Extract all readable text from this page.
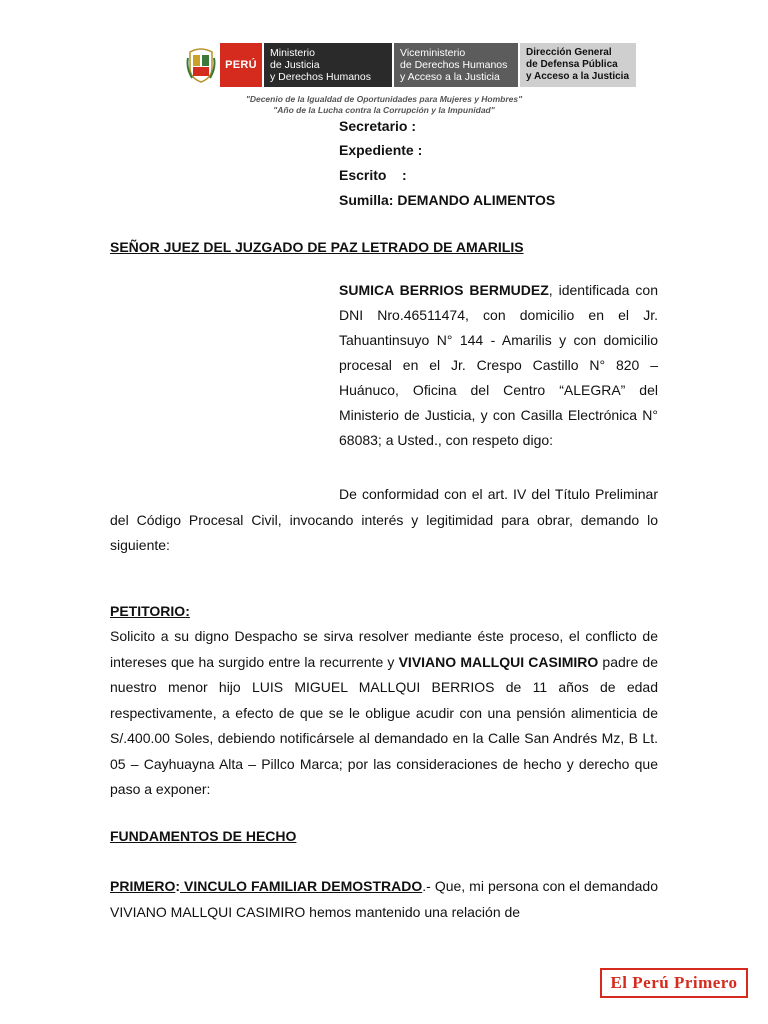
PERÚ
Ministerio
de Justicia
y Derechos Humanos
Viceministerio
de Derechos Humanos
y Acceso a la Justicia
Dirección General
de Defensa Pública
y Acceso a la Justicia
"Decenio de la Igualdad de Oportunidades para Mujeres y Hombres"
"Año de la Lucha contra la Corrupción y la Impunidad"
Secretario :
Expediente :
Escrito    :
Sumilla: DEMANDO ALIMENTOS
SEÑOR JUEZ DEL JUZGADO DE PAZ LETRADO DE AMARILIS
SUMICA BERRIOS BERMUDEZ, identificada con DNI Nro.46511474, con domicilio en el Jr. Tahuantinsuyo N° 144 - Amarilis y con domicilio procesal en el Jr. Crespo Castillo N° 820 – Huánuco, Oficina del Centro “ALEGRA” del Ministerio de Justicia, y con Casilla Electrónica N° 68083; a Usted., con respeto digo:
De conformidad con el art. IV del Título Preliminar del Código Procesal Civil, invocando interés y legitimidad para obrar, demando lo siguiente:
PETITORIO:
Solicito a su digno Despacho se sirva resolver mediante éste proceso, el conflicto de intereses que ha surgido entre la recurrente y VIVIANO MALLQUI CASIMIRO padre de nuestro menor hijo LUIS MIGUEL MALLQUI BERRIOS de 11 años de edad respectivamente, a efecto de que se le obligue acudir con una pensión alimenticia de S/.400.00 Soles, debiendo notificársele al demandado en la Calle San Andrés Mz, B Lt. 05 – Cayhuayna Alta – Pillco Marca; por las consideraciones de hecho y derecho que paso a exponer:
FUNDAMENTOS DE HECHO
PRIMERO: VINCULO FAMILIAR DEMOSTRADO.- Que, mi persona con el demandado VIVIANO MALLQUI CASIMIRO hemos mantenido una relación de
El Perú Primero
